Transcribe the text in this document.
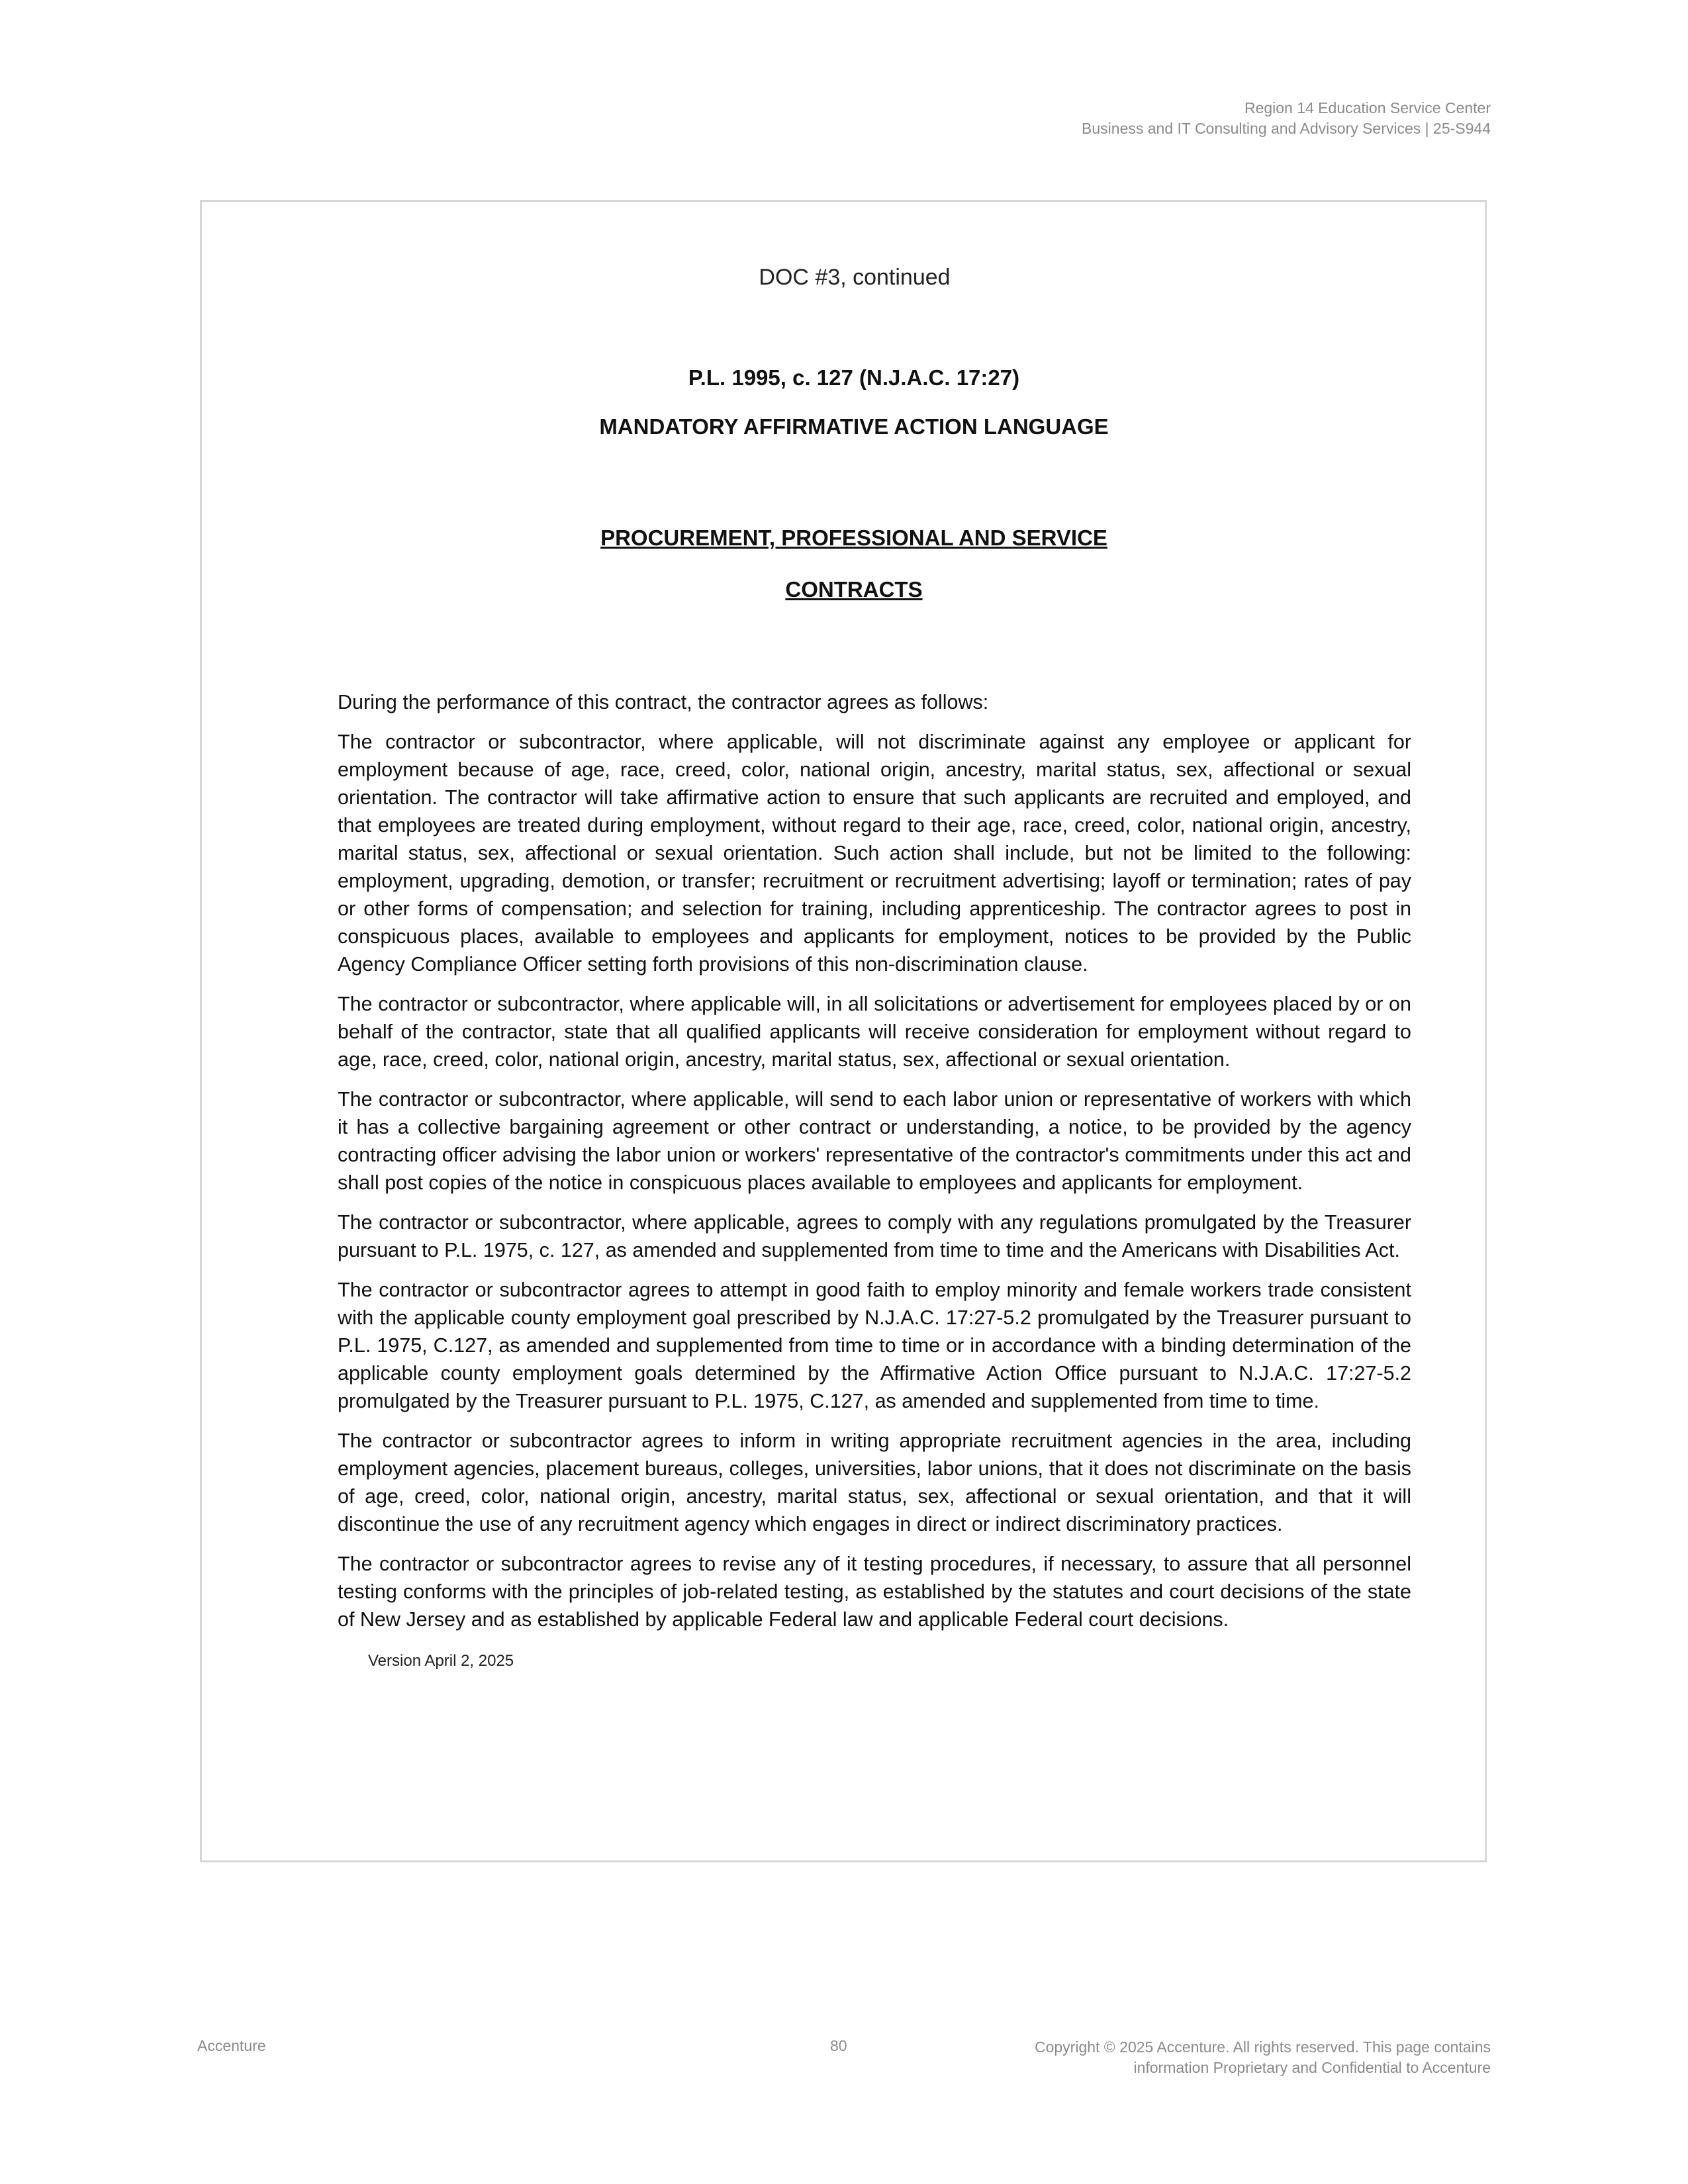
Region 14 Education Service Center
Business and IT Consulting and Advisory Services | 25-S944
DOC #3, continued
P.L. 1995, c. 127 (N.J.A.C. 17:27)
MANDATORY AFFIRMATIVE ACTION LANGUAGE
PROCUREMENT, PROFESSIONAL AND SERVICE
CONTRACTS
During the performance of this contract, the contractor agrees as follows:
The contractor or subcontractor, where applicable, will not discriminate against any employee or applicant for employment because of age, race, creed, color, national origin, ancestry, marital status, sex, affectional or sexual orientation. The contractor will take affirmative action to ensure that such applicants are recruited and employed, and that employees are treated during employment, without regard to their age, race, creed, color, national origin, ancestry, marital status, sex, affectional or sexual orientation. Such action shall include, but not be limited to the following: employment, upgrading, demotion, or transfer; recruitment or recruitment advertising; layoff or termination; rates of pay or other forms of compensation; and selection for training, including apprenticeship. The contractor agrees to post in conspicuous places, available to employees and applicants for employment, notices to be provided by the Public Agency Compliance Officer setting forth provisions of this non-discrimination clause.
The contractor or subcontractor, where applicable will, in all solicitations or advertisement for employees placed by or on behalf of the contractor, state that all qualified applicants will receive consideration for employment without regard to age, race, creed, color, national origin, ancestry, marital status, sex, affectional or sexual orientation.
The contractor or subcontractor, where applicable, will send to each labor union or representative of workers with which it has a collective bargaining agreement or other contract or understanding, a notice, to be provided by the agency contracting officer advising the labor union or workers' representative of the contractor's commitments under this act and shall post copies of the notice in conspicuous places available to employees and applicants for employment.
The contractor or subcontractor, where applicable, agrees to comply with any regulations promulgated by the Treasurer pursuant to P.L. 1975, c. 127, as amended and supplemented from time to time and the Americans with Disabilities Act.
The contractor or subcontractor agrees to attempt in good faith to employ minority and female workers trade consistent with the applicable county employment goal prescribed by N.J.A.C. 17:27-5.2 promulgated by the Treasurer pursuant to P.L. 1975, C.127, as amended and supplemented from time to time or in accordance with a binding determination of the applicable county employment goals determined by the Affirmative Action Office pursuant to N.J.A.C. 17:27-5.2 promulgated by the Treasurer pursuant to P.L. 1975, C.127, as amended and supplemented from time to time.
The contractor or subcontractor agrees to inform in writing appropriate recruitment agencies in the area, including employment agencies, placement bureaus, colleges, universities, labor unions, that it does not discriminate on the basis of age, creed, color, national origin, ancestry, marital status, sex, affectional or sexual orientation, and that it will discontinue the use of any recruitment agency which engages in direct or indirect discriminatory practices.
The contractor or subcontractor agrees to revise any of it testing procedures, if necessary, to assure that all personnel testing conforms with the principles of job-related testing, as established by the statutes and court decisions of the state of New Jersey and as established by applicable Federal law and applicable Federal court decisions.
Version April 2, 2025
Accenture	80	Copyright © 2025 Accenture. All rights reserved. This page contains
information Proprietary and Confidential to Accenture
